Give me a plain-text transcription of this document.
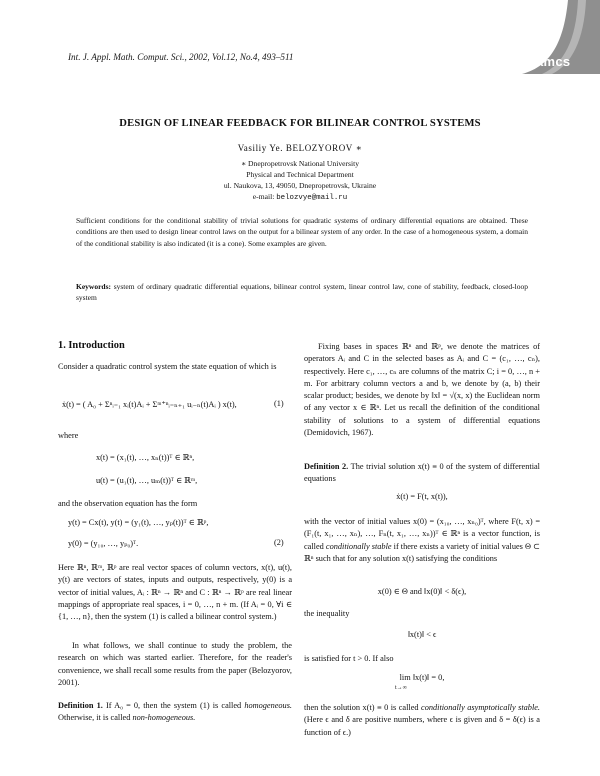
Int. J. Appl. Math. Comput. Sci., 2002, Vol.12, No.4, 493–511	amcs
DESIGN OF LINEAR FEEDBACK FOR BILINEAR CONTROL SYSTEMS
Vasiliy Ye. BELOZYOROV ∗
∗ Dnepropetrovsk National University
Physical and Technical Department
ul. Naukova, 13, 49050, Dnepropetrovsk, Ukraine
e-mail: belozvye@mail.ru
Sufficient conditions for the conditional stability of trivial solutions for quadratic systems of ordinary differential equations are obtained. These conditions are then used to design linear control laws on the output for a bilinear system of any order. In the case of a homogeneous system, a domain of the conditional stability is also indicated (it is a cone). Some examples are given.
Keywords: system of ordinary quadratic differential equations, bilinear control system, linear control law, cone of stability, feedback, closed-loop system
1. Introduction
Consider a quadratic control system the state equation of which is
ẋ(t) = ( A₀ + Σⁿᵢ₌₁ xᵢ(t)Aᵢ + Σᵐ⁺ⁿᵢ₌ₙ₊₁ uᵢ₋ₙ(t)Aᵢ ) x(t),	(1)
where
x(t) = (x₁(t), …, xₙ(t))ᵀ ∈ ℝⁿ,
u(t) = (u₁(t), …, uₘ(t))ᵀ ∈ ℝᵐ,
and the observation equation has the form
y(t) = Cx(t), y(t) = (y₁(t), …, yₚ(t))ᵀ ∈ ℝᵖ,
y(0) = (y₁₀, …, yₚ₀)ᵀ.	(2)
Here ℝⁿ, ℝᵐ, ℝᵖ are real vector spaces of column vectors, x(t), u(t), y(t) are vectors of states, inputs and outputs, respectively, y(0) is a vector of initial values, Aᵢ : ℝⁿ → ℝⁿ and C : ℝⁿ → ℝᵖ are real linear mappings of appropriate real spaces, i = 0, …, n + m. (If Aᵢ = 0, ∀i ∈ {1, …, n}, then the system (1) is called a bilinear control system.)
In what follows, we shall continue to study the problem, the research on which was started earlier. Therefore, for the reader's convenience, we shall recall some results from the paper (Belozyorov, 2001).
Definition 1. If A₀ = 0, then the system (1) is called homogeneous. Otherwise, it is called non-homogeneous.
Fixing bases in spaces ℝⁿ and ℝᵖ, we denote the matrices of operators Aᵢ and C in the selected bases as Aᵢ and C = (c₁, …, cₙ), respectively. Here c₁, …, cₙ are columns of the matrix C; i = 0, …, n + m. For arbitrary column vectors a and b, we denote by (a, b) their scalar product; besides, we denote by ‖x‖ = √(x, x) the Euclidean norm of any vector x ∈ ℝⁿ. Let us recall the definition of the conditional stability of solutions to a system of differential equations (Demidovich, 1967).
Definition 2. The trivial solution x(t) ≡ 0 of the system of differential equations
ẋ(t) = F(t, x(t)),
with the vector of initial values x(0) = (x₁₀, …, xₙ₀)ᵀ, where F(t, x) = (F₁(t, x₁, …, xₙ), …, Fₙ(t, x₁, …, xₙ))ᵀ ∈ ℝⁿ is a vector function, is called conditionally stable if there exists a variety of initial values Θ ⊂ ℝⁿ such that for any solution x(t) satisfying the conditions
x(0) ∈ Θ and ‖x(0)‖ < δ(ϵ),
the inequality
‖x(t)‖ < ϵ
is satisfied for t > 0. If also
lim ‖x(t)‖ = 0,
t→∞
then the solution x(t) ≡ 0 is called conditionally asymptotically stable. (Here ϵ and δ are positive numbers, where ϵ is given and δ = δ(ϵ) is a function of ϵ.)
